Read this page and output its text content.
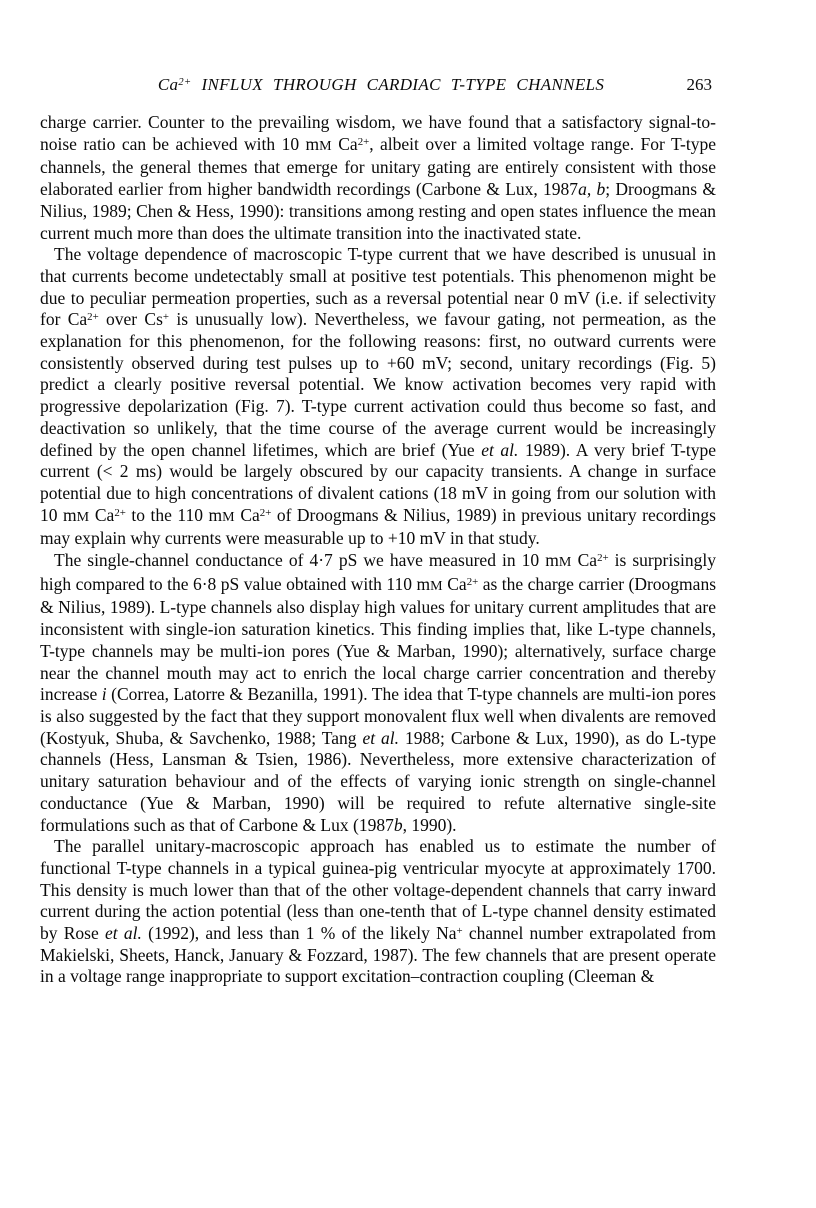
$Ca^{2+}$ INFLUX THROUGH CARDIAC T-TYPE CHANNELS	263

charge carrier. Counter to the prevailing wisdom, we have found that a satisfactory signal-to-noise ratio can be achieved with 10 mM $Ca^{2+}$, albeit over a limited voltage range. For T-type channels, the general themes that emerge for unitary gating are entirely consistent with those elaborated earlier from higher bandwidth recordings (Carbone & Lux, 1987a, b; Droogmans & Nilius, 1989; Chen & Hess, 1990): transitions among resting and open states influence the mean current much more than does the ultimate transition into the inactivated state.

The voltage dependence of macroscopic T-type current that we have described is unusual in that currents become undetectably small at positive test potentials. This phenomenon might be due to peculiar permeation properties, such as a reversal potential near 0 mV (i.e. if selectivity for $Ca^{2+}$ over Cs+ is unusually low). Nevertheless, we favour gating, not permeation, as the explanation for this phenomenon, for the following reasons: first, no outward currents were consistently observed during test pulses up to +60 mV; second, unitary recordings (Fig. 5) predict a clearly positive reversal potential. We know activation becomes very rapid with progressive depolarization (Fig. 7). T-type current activation could thus become so fast, and deactivation so unlikely, that the time course of the average current would be increasingly defined by the open channel lifetimes, which are brief (Yue et al. 1989). A very brief T-type current (< 2 ms) would be largely obscured by our capacity transients. A change in surface potential due to high concentrations of divalent cations (18 mV in going from our solution with 10 mM $Ca^{2+}$ to the 110 mM $Ca^{2+}$ of Droogmans & Nilius, 1989) in previous unitary recordings may explain why currents were measurable up to +10 mV in that study.

The single-channel conductance of 4·7 pS we have measured in 10 mM $Ca^{2+}$ is surprisingly high compared to the 6·8 pS value obtained with 110 mM $Ca^{2+}$ as the charge carrier (Droogmans & Nilius, 1989). L-type channels also display high values for unitary current amplitudes that are inconsistent with single-ion saturation kinetics. This finding implies that, like L-type channels, T-type channels may be multi-ion pores (Yue & Marban, 1990); alternatively, surface charge near the channel mouth may act to enrich the local charge carrier concentration and thereby increase i (Correa, Latorre & Bezanilla, 1991). The idea that T-type channels are multi-ion pores is also suggested by the fact that they support monovalent flux well when divalents are removed (Kostyuk, Shuba, & Savchenko, 1988; Tang et al. 1988; Carbone & Lux, 1990), as do L-type channels (Hess, Lansman & Tsien, 1986). Nevertheless, more extensive characterization of unitary saturation behaviour and of the effects of varying ionic strength on single-channel conductance (Yue & Marban, 1990) will be required to refute alternative single-site formulations such as that of Carbone & Lux (1987b, 1990).

The parallel unitary-macroscopic approach has enabled us to estimate the number of functional T-type channels in a typical guinea-pig ventricular myocyte at approximately 1700. This density is much lower than that of the other voltage-dependent channels that carry inward current during the action potential (less than one-tenth that of L-type channel density estimated by Rose et al. (1992), and less than 1 % of the likely Na+ channel number extrapolated from Makielski, Sheets, Hanck, January & Fozzard, 1987). The few channels that are present operate in a voltage range inappropriate to support excitation–contraction coupling (Cleeman &
